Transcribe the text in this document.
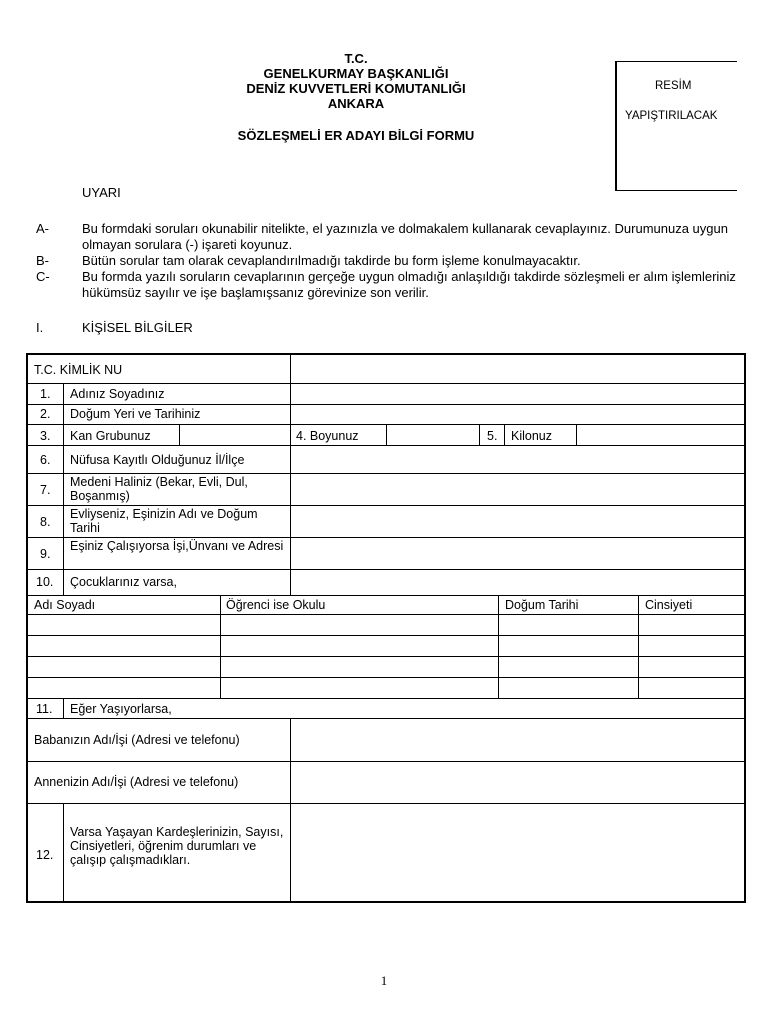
T.C.
GENELKURMAY BAŞKANLIĞI
DENİZ KUVVETLERİ KOMUTANLIĞI
ANKARA
SÖZLEŞMELİ ER ADAYI BİLGİ FORMU
RESİM
YAPIŞTIRILACAK
UYARI
A-	Bu formdaki soruları okunabilir nitelikte, el yazınızla ve dolmakalem kullanarak cevaplayınız. Durumunuza uygun olmayan sorulara (-) işareti koyunuz.
B-	Bütün sorular tam olarak cevaplandırılmadığı takdirde bu form işleme konulmayacaktır.
C-	Bu formda yazılı soruların cevaplarının gerçeğe uygun olmadığı anlaşıldığı takdirde sözleşmeli er alım işlemleriniz hükümsüz sayılır ve işe başlamışsanız görevinize son verilir.
I.	KİŞİSEL BİLGİLER
T.C. KİMLİK NU
1. Adınız Soyadınız
2. Doğum Yeri ve Tarihiniz
3. Kan Grubunuz	4. Boyunuz	5. Kilonuz
6. Nüfusa Kayıtlı Olduğunuz İl/İlçe
7.
Medeni Haliniz (Bekar, Evli, Dul, Boşanmış)
8.
Evliyseniz, Eşinizin Adı ve Doğum Tarihi
9.
Eşiniz Çalışıyorsa İşi,Ünvanı ve Adresi
10. Çocuklarınız varsa,
Adı Soyadı	Öğrenci ise Okulu	Doğum Tarihi	Cinsiyeti
11. Eğer Yaşıyorlarsa,
Babanızın Adı/İşi (Adresi ve telefonu)
Annenizin Adı/İşi (Adresi ve telefonu)
12.
Varsa Yaşayan Kardeşlerinizin, Sayısı, Cinsiyetleri, öğrenim durumları ve çalışıp çalışmadıkları.
1
